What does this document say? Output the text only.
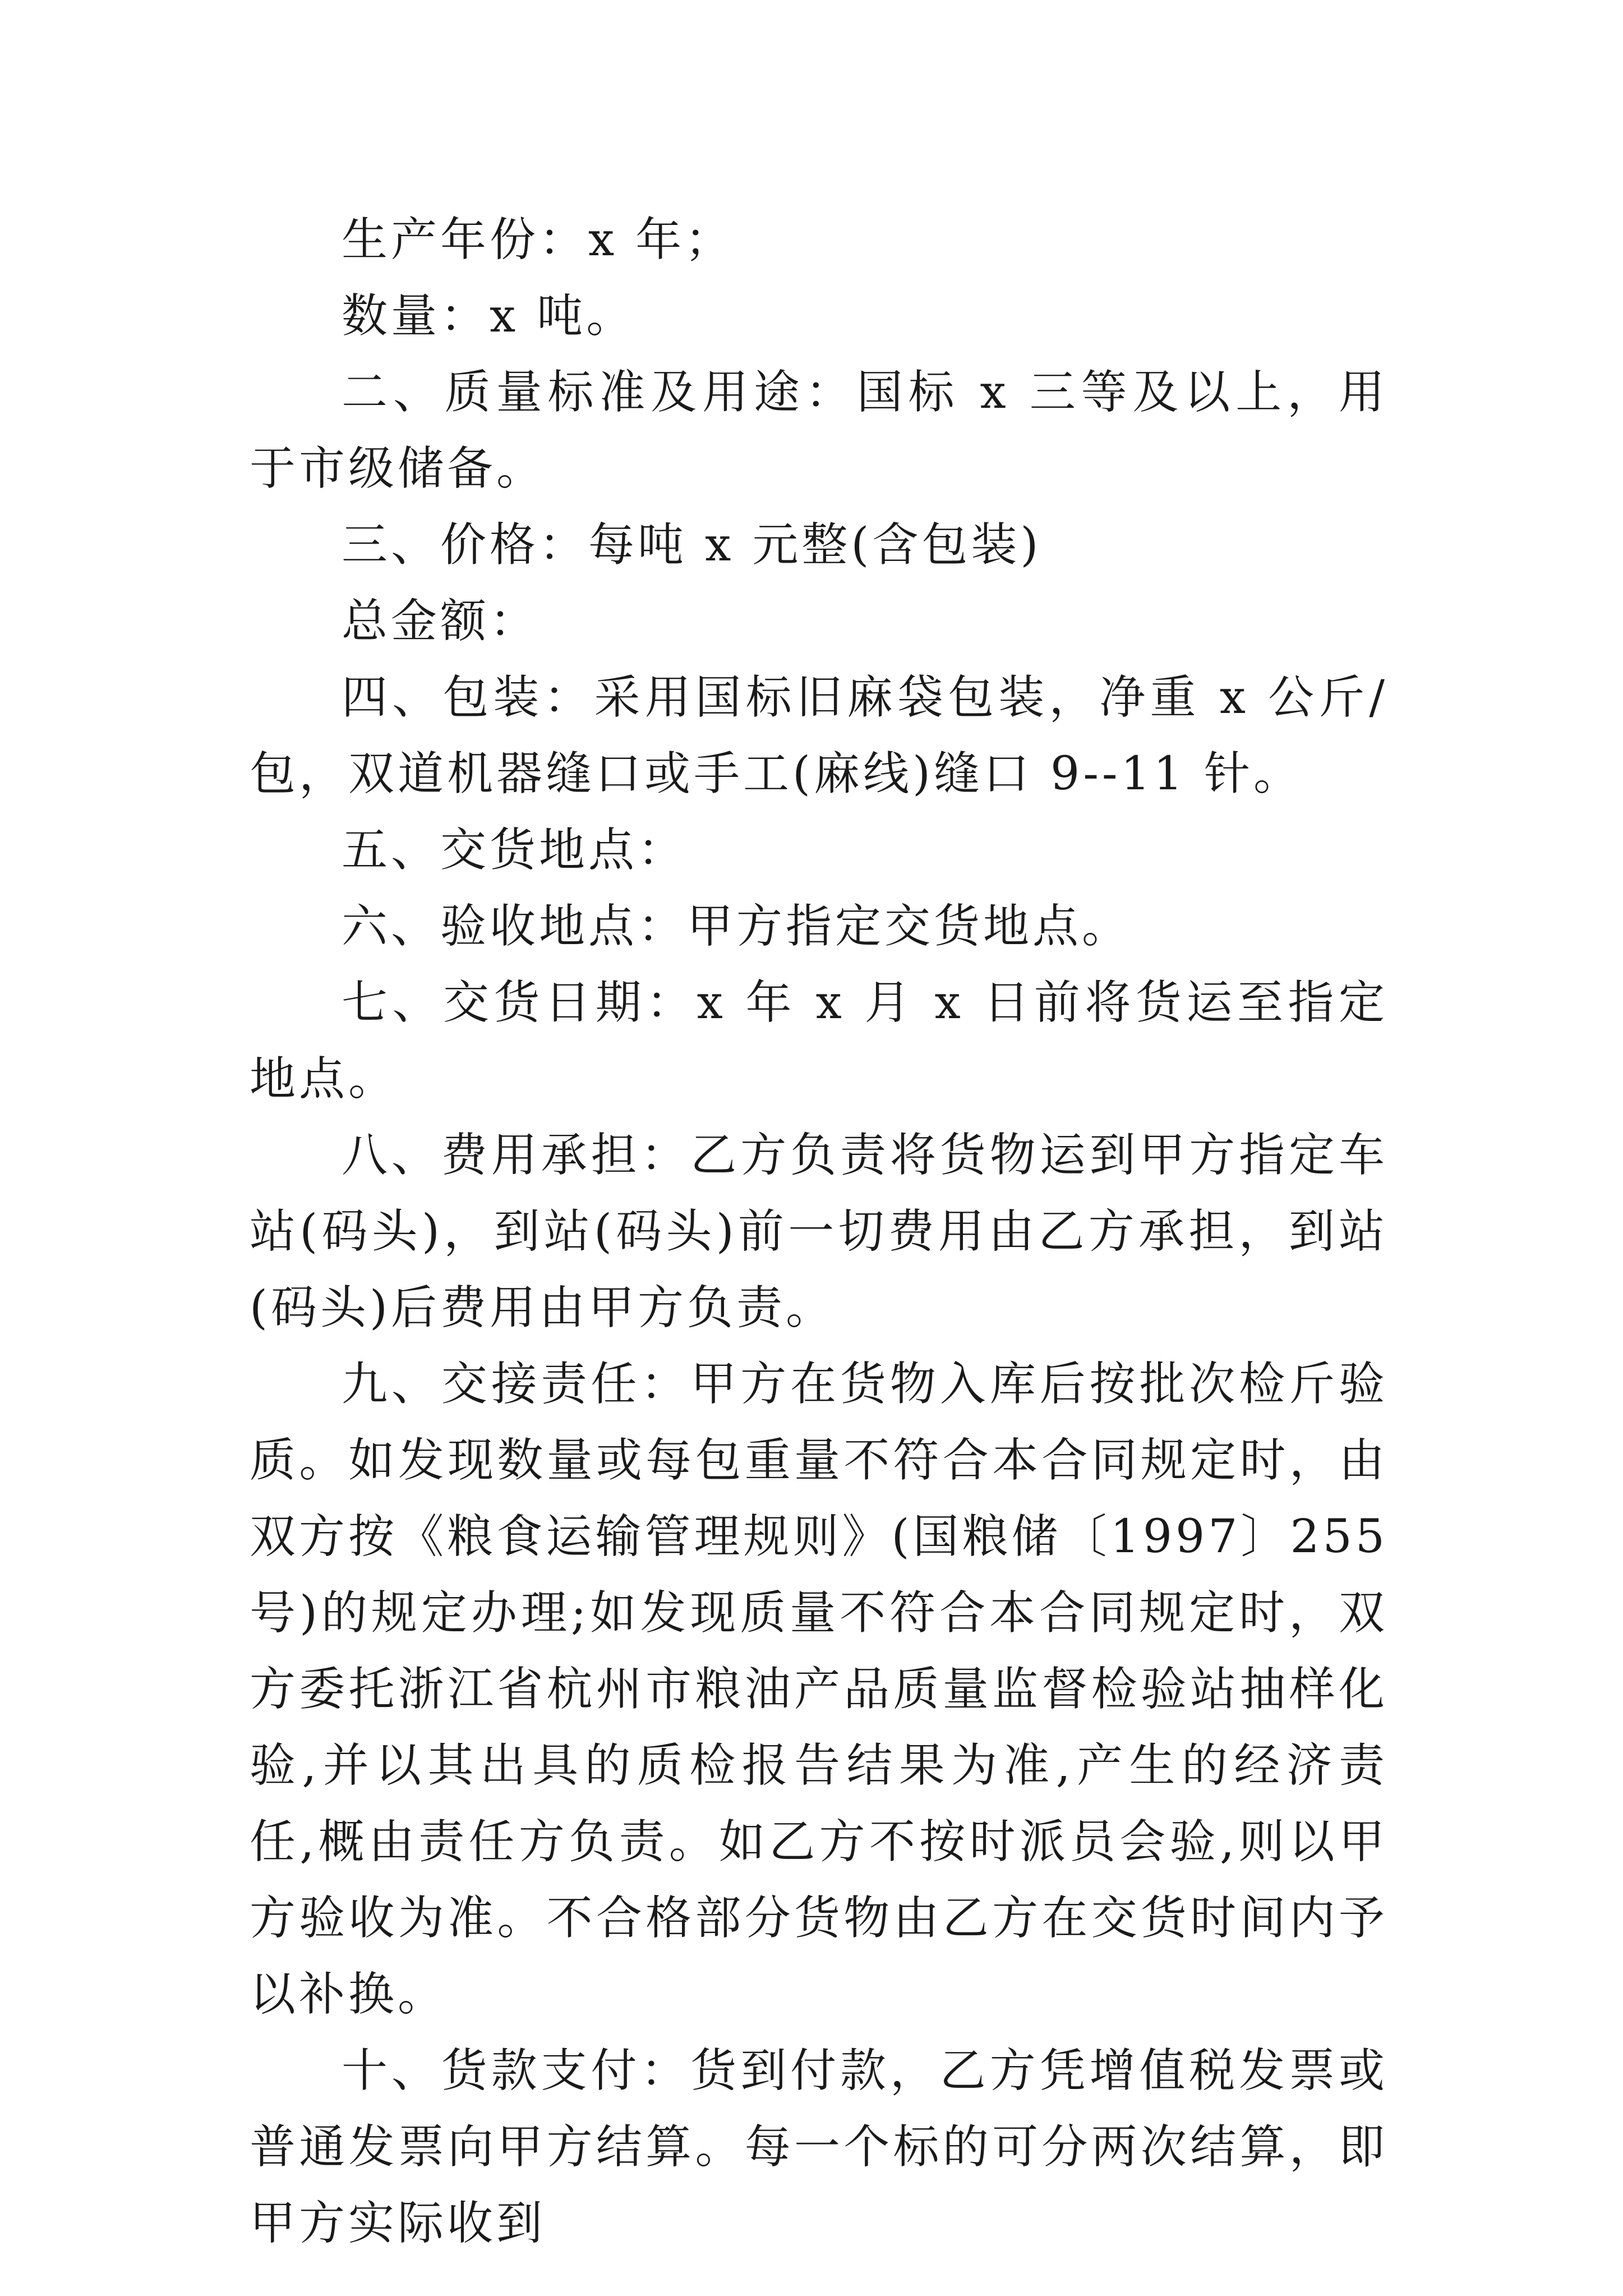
生产年份：x 年；

数量：x 吨。

二、质量标准及用途：国标 x 三等及以上，用于市级储备。

三、价格：每吨 x 元整(含包装)

总金额：

四、包装：采用国标旧麻袋包装，净重 x 公斤/包，双道机器缝口或手工(麻线)缝口 9--11 针。

五、交货地点：

六、验收地点：甲方指定交货地点。

七、交货日期：x 年 x 月 x 日前将货运至指定地点。

八、费用承担：乙方负责将货物运到甲方指定车站(码头)，到站(码头)前一切费用由乙方承担，到站(码头)后费用由甲方负责。

九、交接责任：甲方在货物入库后按批次检斤验质。如发现数量或每包重量不符合本合同规定时，由双方按《粮食运输管理规则》(国粮储〔1997〕255 号)的规定办理;如发现质量不符合本合同规定时，双方委托浙江省杭州市粮油产品质量监督检验站抽样化验,并以其出具的质检报告结果为准,产生的经济责任,概由责任方负责。如乙方不按时派员会验,则以甲方验收为准。不合格部分货物由乙方在交货时间内予以补换。

十、货款支付：货到付款，乙方凭增值税发票或普通发票向甲方结算。每一个标的可分两次结算，即甲方实际收到
